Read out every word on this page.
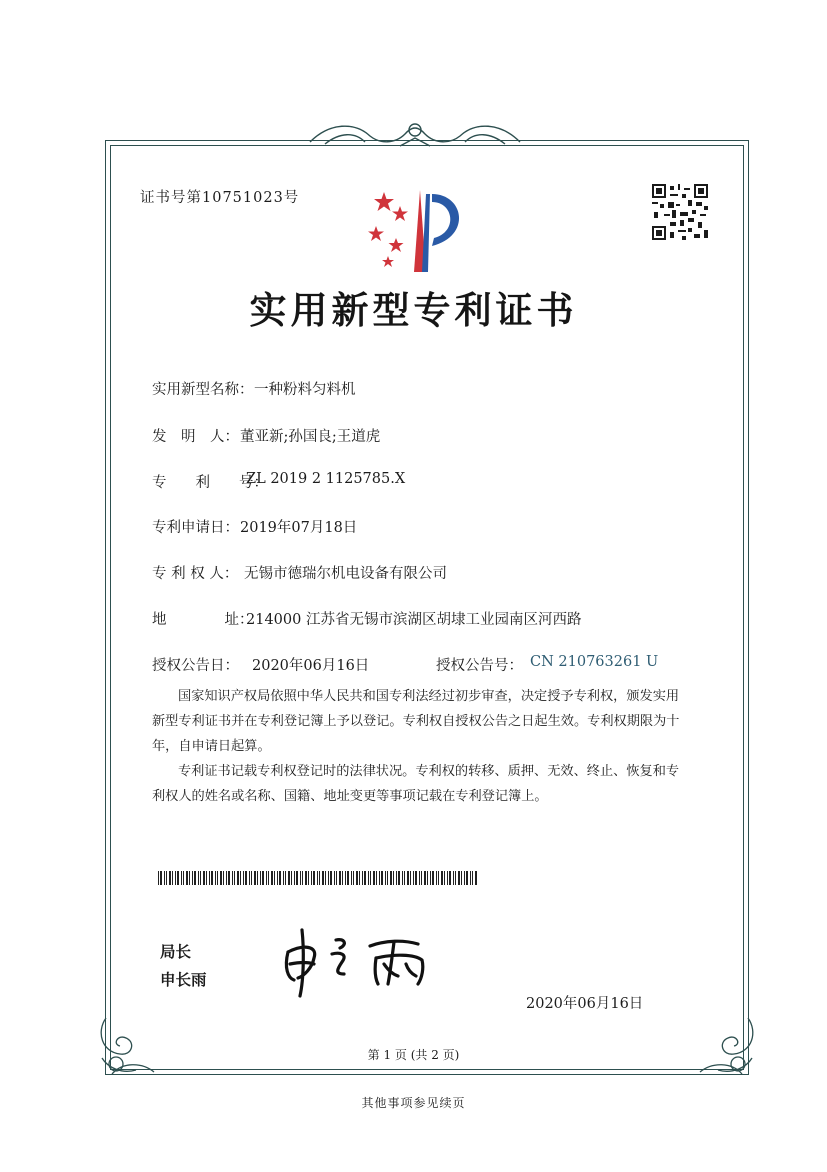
证书号第10751023号
实用新型专利证书
实用新型名称： 一种粉料匀料机
发　明　人： 董亚新;孙国良;王道虎
专　　利　　号：
ZL 2019 2 1125785.X
专利申请日： 2019年07月18日
专 利 权 人： 无锡市德瑞尔机电设备有限公司
地　　　　址：
214000 江苏省无锡市滨湖区胡埭工业园南区河西路
授权公告日： 2020年06月16日	授权公告号： CN 210763261 U
国家知识产权局依照中华人民共和国专利法经过初步审查，决定授予专利权，颁发实用新型专利证书并在专利登记簿上予以登记。专利权自授权公告之日起生效。专利权期限为十年，自申请日起算。
专利证书记载专利权登记时的法律状况。专利权的转移、质押、无效、终止、恢复和专利权人的姓名或名称、国籍、地址变更等事项记载在专利登记簿上。
局长
申长雨
2020年06月16日
第 1 页 (共 2 页)
其他事项参见续页
